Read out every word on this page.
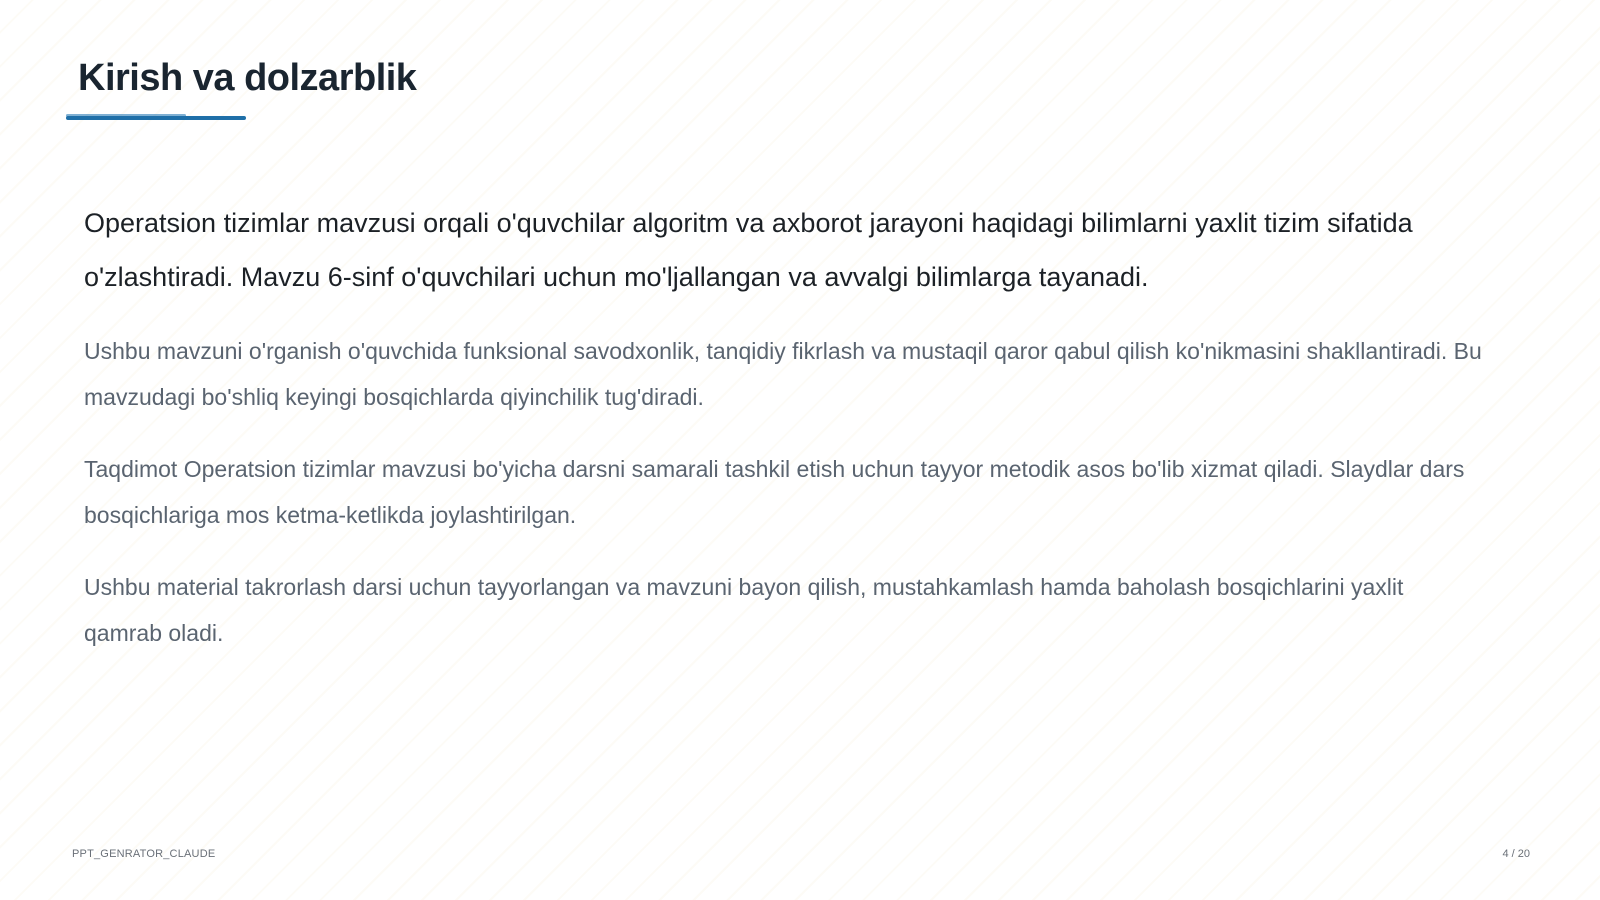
Kirish va dolzarblik

Operatsion tizimlar mavzusi orqali o'quvchilar algoritm va axborot jarayoni haqidagi bilimlarni yaxlit tizim sifatida o'zlashtiradi. Mavzu 6-sinf o'quvchilari uchun mo'ljallangan va avvalgi bilimlarga tayanadi.

Ushbu mavzuni o'rganish o'quvchida funksional savodxonlik, tanqidiy fikrlash va mustaqil qaror qabul qilish ko'nikmasini shakllantiradi. Bu mavzudagi bo'shliq keyingi bosqichlarda qiyinchilik tug'diradi.

Taqdimot Operatsion tizimlar mavzusi bo'yicha darsni samarali tashkil etish uchun tayyor metodik asos bo'lib xizmat qiladi. Slaydlar dars bosqichlariga mos ketma-ketlikda joylashtirilgan.

Ushbu material takrorlash darsi uchun tayyorlangan va mavzuni bayon qilish, mustahkamlash hamda baholash bosqichlarini yaxlit qamrab oladi.

PPT_GENRATOR_CLAUDE	4 / 20
